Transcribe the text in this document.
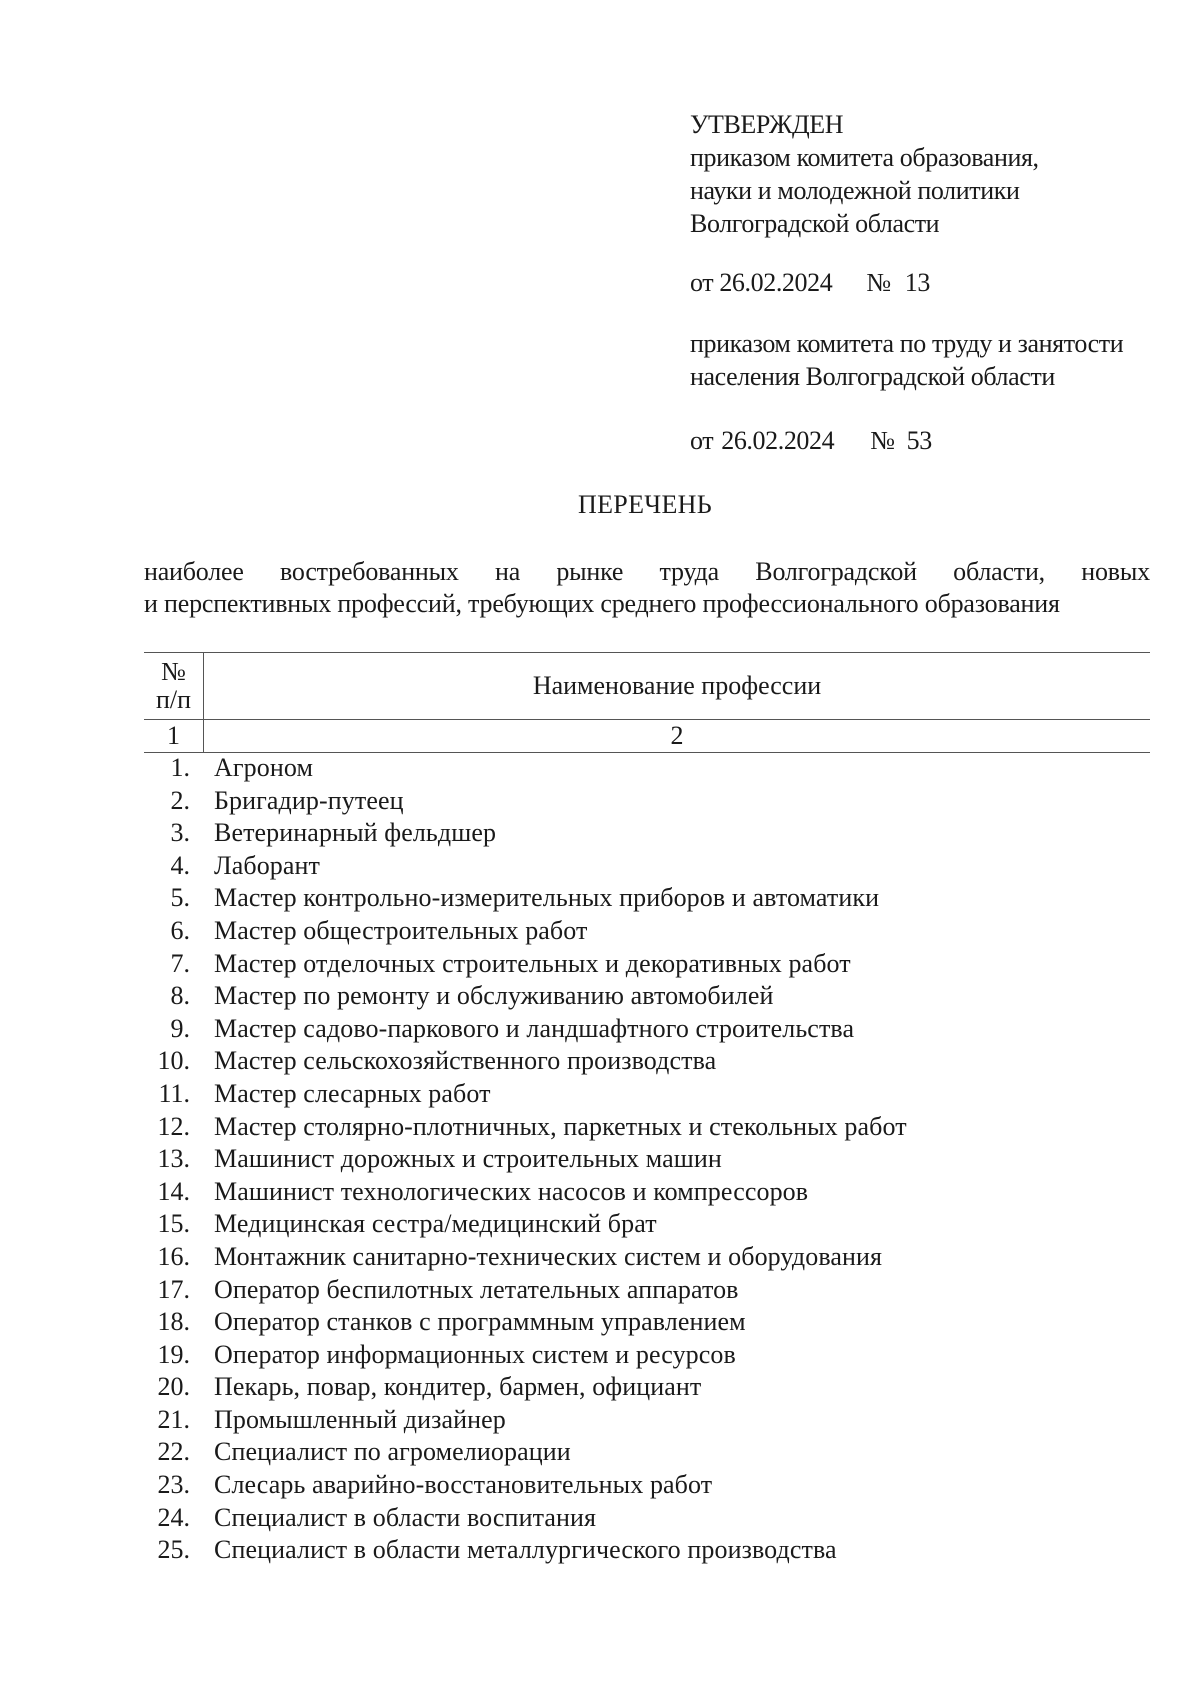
УТВЕРЖДЕН
приказом комитета образования,
науки и молодежной политики
Волгоградской области
от 26.02.2024 № 13
приказом комитета по труду и занятости
населения Волгоградской области
от 26.02.2024 № 53
ПЕРЕЧЕНЬ
наиболее востребованных на рынке труда Волгоградской области, новых
и перспективных профессий, требующих среднего профессионального образования
№
п/п	Наименование профессии
1	2
1. Агроном
2. Бригадир-путеец
3. Ветеринарный фельдшер
4. Лаборант
5. Мастер контрольно-измерительных приборов и автоматики
6. Мастер общестроительных работ
7. Мастер отделочных строительных и декоративных работ
8. Мастер по ремонту и обслуживанию автомобилей
9. Мастер садово-паркового и ландшафтного строительства
10. Мастер сельскохозяйственного производства
11. Мастер слесарных работ
12. Мастер столярно-плотничных, паркетных и стекольных работ
13. Машинист дорожных и строительных машин
14. Машинист технологических насосов и компрессоров
15. Медицинская сестра/медицинский брат
16. Монтажник санитарно-технических систем и оборудования
17. Оператор беспилотных летательных аппаратов
18. Оператор станков с программным управлением
19. Оператор информационных систем и ресурсов
20. Пекарь, повар, кондитер, бармен, официант
21. Промышленный дизайнер
22. Специалист по агромелиорации
23. Слесарь аварийно-восстановительных работ
24. Специалист в области воспитания
25. Специалист в области металлургического производства
